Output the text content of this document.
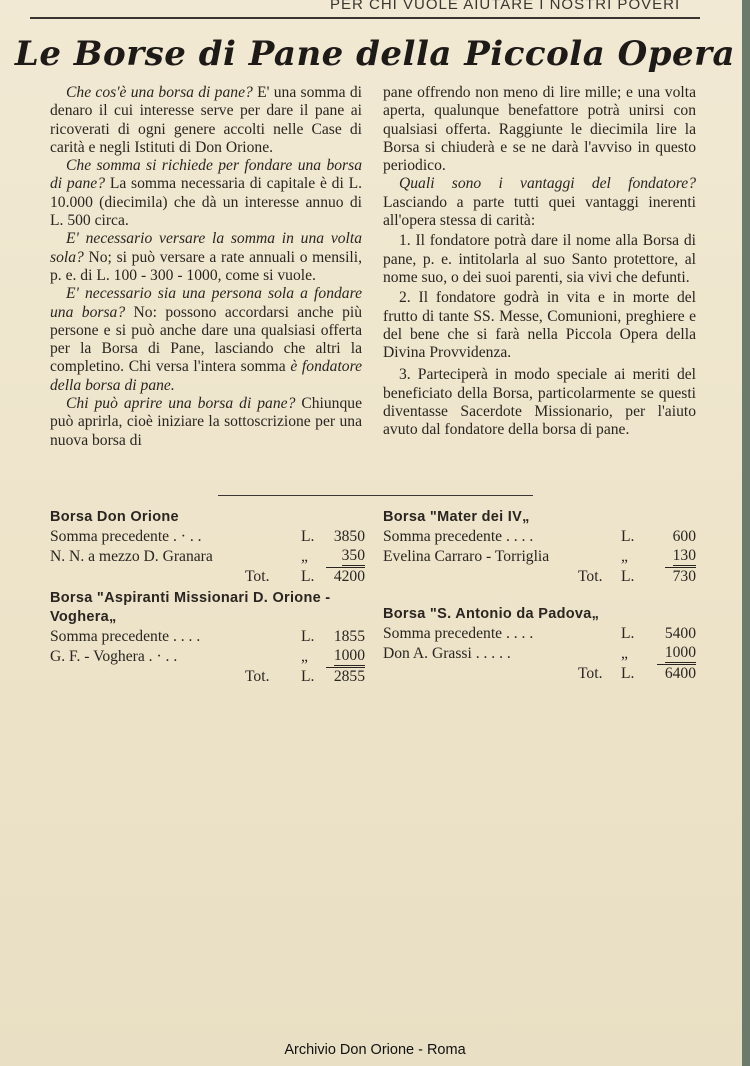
PER CHI VUOLE AIUTARE I NOSTRI POVERI
Le Borse di Pane della Piccola Opera

Che cos'è una borsa di pane? E' una somma di denaro il cui interesse serve per dare il pane ai ricoverati di ogni genere accolti nelle Case di carità e negli Istituti di Don Orione.

Che somma si richiede per fondare una borsa di pane? La somma necessaria di capitale è di L. 10.000 (diecimila) che dà un interesse annuo di L. 500 circa.

E' necessario versare la somma in una volta sola? No; si può versare a rate annuali o mensili, p. e. di L. 100 - 300 - 1000, come si vuole.

E' necessario sia una persona sola a fondare una borsa? No: possono accordarsi anche più persone e si può anche dare una qualsiasi offerta per la Borsa di Pane, lasciando che altri la completino. Chi versa l'intera somma è fondatore della borsa di pane.

Chi può aprire una borsa di pane? Chiunque può aprirla, cioè iniziare la sottoscrizione per una nuova borsa di

pane offrendo non meno di lire mille; e una volta aperta, qualunque benefattore potrà unirsi con qualsiasi offerta. Raggiunte le diecimila lire la Borsa si chiuderà e se ne darà l'avviso in questo periodico.

Quali sono i vantaggi del fondatore? Lasciando a parte tutti quei vantaggi inerenti all'opera stessa di carità:

1. Il fondatore potrà dare il nome alla Borsa di pane, p. e. intitolarla al suo Santo protettore, al nome suo, o dei suoi parenti, sia vivi che defunti.

2. Il fondatore godrà in vita e in morte del frutto di tante SS. Messe, Comunioni, preghiere e del bene che si farà nella Piccola Opera della Divina Provvidenza.

3. Parteciperà in modo speciale ai meriti del beneficiato della Borsa, particolarmente se questi diventasse Sacerdote Missionario, per l'aiuto avuto dal fondatore della borsa di pane.

Borsa Don Orione
Somma precedente . · . .	L. 3850
N. N. a mezzo D. Granara	„ 350
Tot. L.	4200
Borsa "Aspiranti Missionari D. Orione - Voghera„
Somma precedente . . . .	L. 1855
G. F. - Voghera . · . .	„ 1000
Tot. L.	2855
Borsa "Mater dei IV„
Somma precedente . . . .	L. 600
Evelina Carraro - Torriglia	„	130
Tot. L.	730
Borsa "S. Antonio da Padova„
Somma precedente . . . .	L. 5400
Don A. Grassi . . . . .	„ 1000
Tot. L.	6400
Archivio Don Orione - Roma
